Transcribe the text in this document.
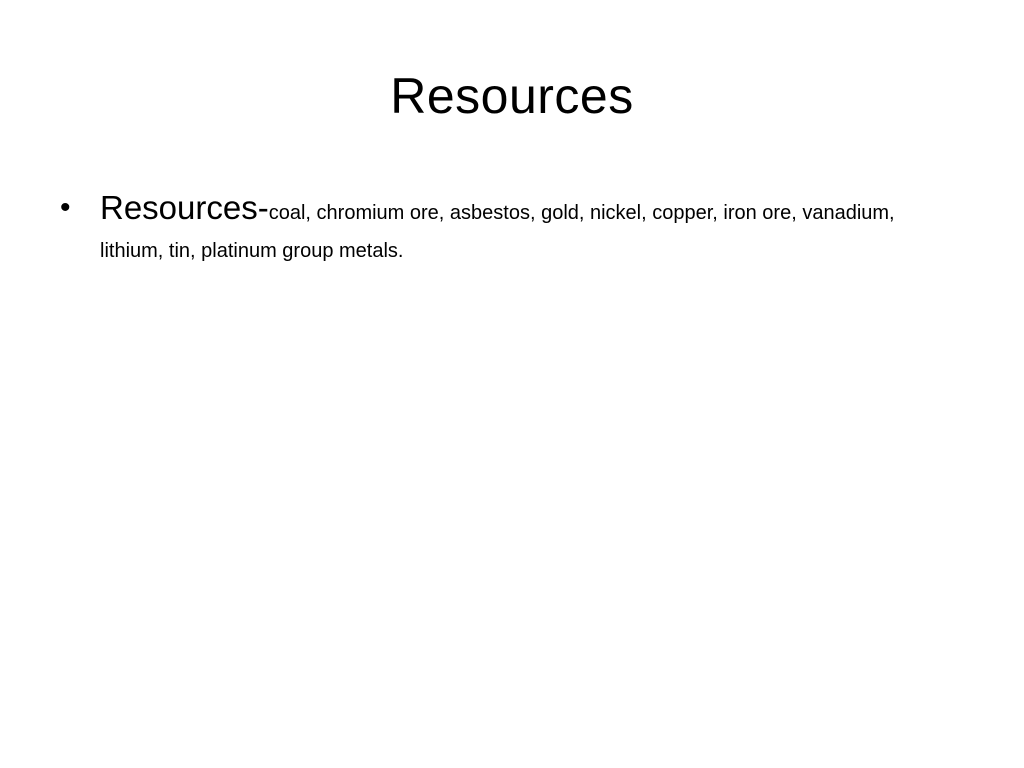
Resources
• Resources-coal, chromium ore, asbestos, gold, nickel, copper, iron ore, vanadium, lithium, tin, platinum group metals.
